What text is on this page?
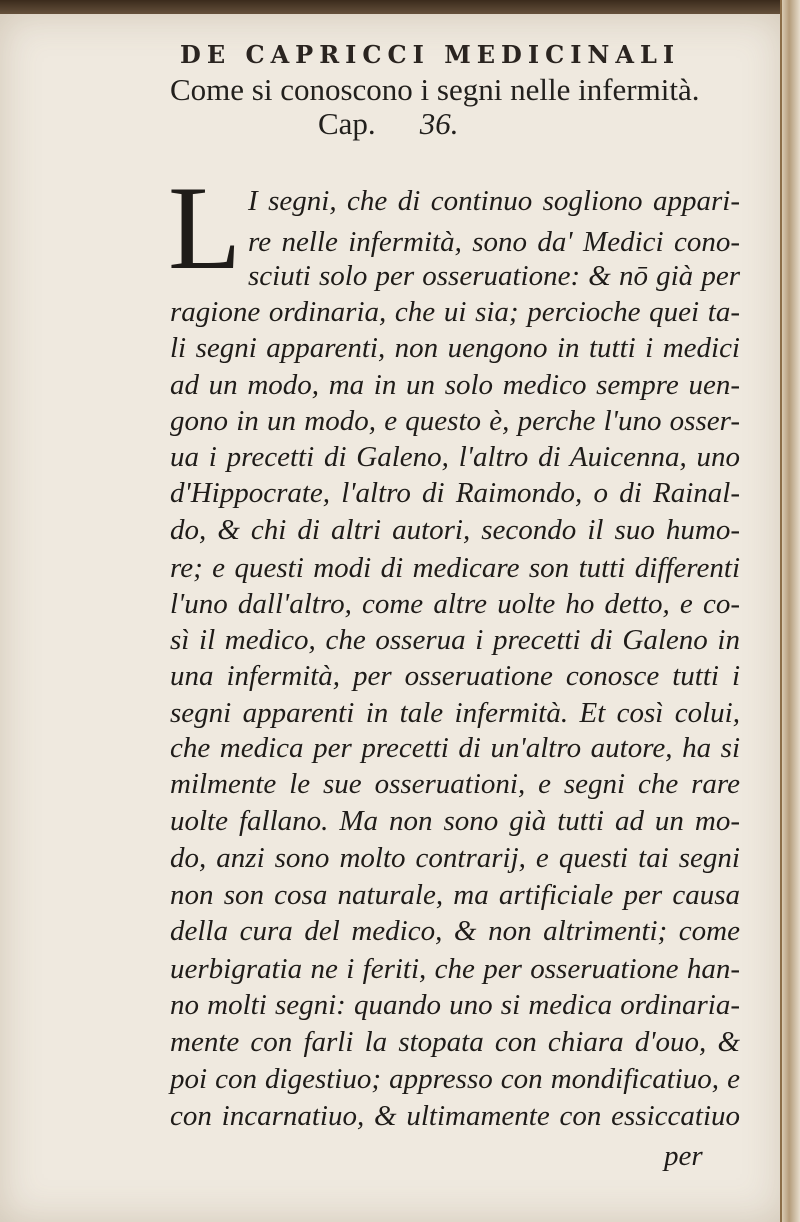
DE CAPRICCI MEDICINALI
Come si conoscono i segni nelle infermità.
Cap. 36.
L I segni, che di continuo sogliono appari-
re nelle infermità, sono da' Medici cono-
sciuti solo per osseruatione: & nō già per
ragione ordinaria, che ui sia; percioche quei ta-
li segni apparenti, non uengono in tutti i medici
ad un modo, ma in un solo medico sempre uen-
gono in un modo, e questo è, perche l'uno osser-
ua i precetti di Galeno, l'altro di Auicenna, uno
d'Hippocrate, l'altro di Raimondo, o di Rainal-
do, & chi di altri autori, secondo il suo humo-
re; e questi modi di medicare son tutti differenti
l'uno dall'altro, come altre uolte ho detto, e co-
sì il medico, che osserua i precetti di Galeno in
una infermità, per osseruatione conosce tutti i
segni apparenti in tale infermità. Et così colui,
che medica per precetti di un'altro autore, ha si
milmente le sue osseruationi, e segni che rare
uolte fallano. Ma non sono già tutti ad un mo-
do, anzi sono molto contrarij, e questi tai segni
non son cosa naturale, ma artificiale per causa
della cura del medico, & non altrimenti; come
uerbigratia ne i feriti, che per osseruatione han-
no molti segni: quando uno si medica ordinaria-
mente con farli la stopata con chiara d'ouo, &
poi con digestiuo; appresso con mondificatiuo, e
con incarnatiuo, & ultimamente con essiccatiuo
per
